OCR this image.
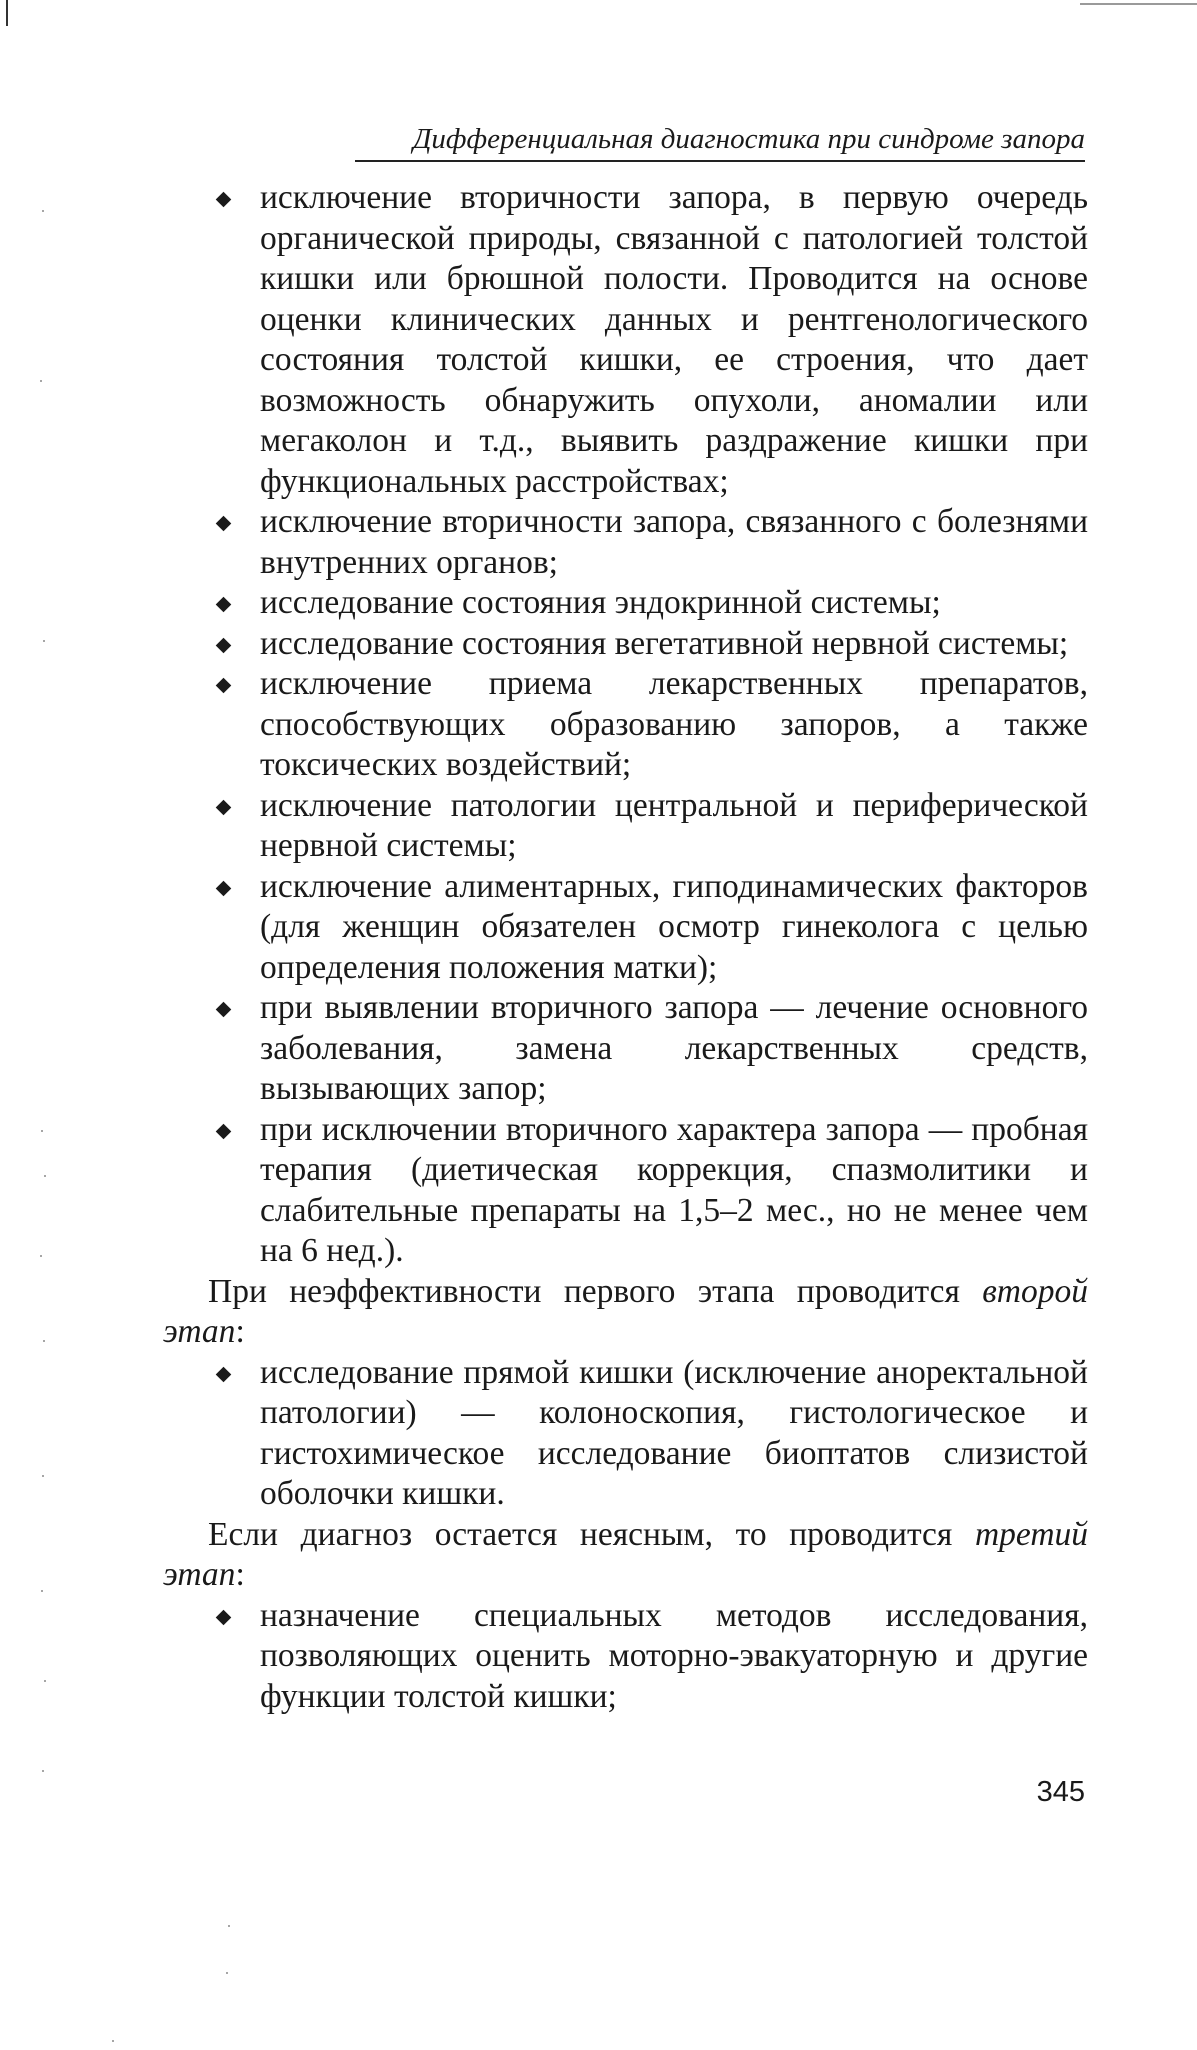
Дифференциальная диагностика при синдроме запора
исключение вторичности запора, в первую очередь органической природы, связанной с патологией толстой кишки или брюшной полости. Проводится на основе оценки клинических данных и рентгенологического состояния толстой кишки, ее строения, что дает возможность обнаружить опухоли, аномалии или мегаколон и т.д., выявить раздражение кишки при функциональных расстройствах;
исключение вторичности запора, связанного с болезнями внутренних органов;
исследование состояния эндокринной системы;
исследование состояния вегетативной нервной системы;
исключение приема лекарственных препаратов, способствующих образованию запоров, а также токсических воздействий;
исключение патологии центральной и периферической нервной системы;
исключение алиментарных, гиподинамических факторов (для женщин обязателен осмотр гинеколога с целью определения положения матки);
при выявлении вторичного запора — лечение основного заболевания, замена лекарственных средств, вызывающих запор;
при исключении вторичного характера запора — пробная терапия (диетическая коррекция, спазмолитики и слабительные препараты на 1,5–2 мес., но не менее чем на 6 нед.).

При неэффективности первого этапа проводится второй этап:

исследование прямой кишки (исключение аноректальной патологии) — колоноскопия, гистологическое и гистохимическое исследование биоптатов слизистой оболочки кишки.

Если диагноз остается неясным, то проводится третий этап:

назначение специальных методов исследования, позволяющих оценить моторно-эвакуаторную и другие функции толстой кишки;
345
